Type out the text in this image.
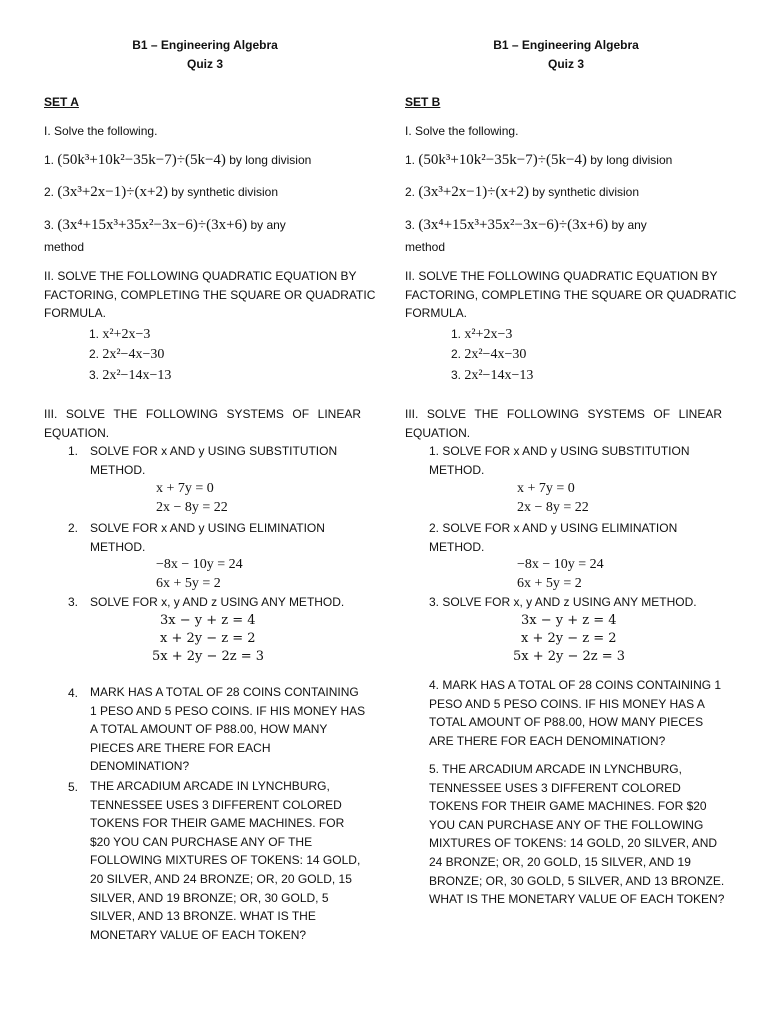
B1 – Engineering Algebra
Quiz 3
SET A
I. Solve the following.
1. (50k³+10k²−35k−7)÷(5k−4) by long division
2. (3x³+2x−1)÷(x+2) by synthetic division
3. (3x⁴+15x³+35x²−3x−6)÷(3x+6) by any
method
II. SOLVE THE FOLLOWING QUADRATIC EQUATION BY
FACTORING, COMPLETING THE SQUARE OR QUADRATIC
FORMULA.
1. x²+2x−3
2. 2x²−4x−30
3. 2x²−14x−13
III. SOLVE THE FOLLOWING SYSTEMS OF LINEAR
EQUATION.
1. SOLVE FOR x AND y USING SUBSTITUTION
METHOD.
x + 7y = 0
2x − 8y = 22
2. SOLVE FOR x AND y USING ELIMINATION
METHOD.
−8x − 10y = 24
6x + 5y = 2
3. SOLVE FOR x, y AND z USING ANY METHOD.
3x − y + z = 4
x + 2y − z = 2
5x + 2y − 2z = 3
4. MARK HAS A TOTAL OF 28 COINS CONTAINING 1 PESO AND 5 PESO COINS. IF HIS MONEY HAS A TOTAL AMOUNT OF P88.00, HOW MANY PIECES ARE THERE FOR EACH DENOMINATION?
5. THE ARCADIUM ARCADE IN LYNCHBURG, TENNESSEE USES 3 DIFFERENT COLORED TOKENS FOR THEIR GAME MACHINES. FOR $20 YOU CAN PURCHASE ANY OF THE FOLLOWING MIXTURES OF TOKENS: 14 GOLD, 20 SILVER, AND 24 BRONZE; OR, 20 GOLD, 15 SILVER, AND 19 BRONZE; OR, 30 GOLD, 5 SILVER, AND 13 BRONZE. WHAT IS THE MONETARY VALUE OF EACH TOKEN?
B1 – Engineering Algebra
Quiz 3
SET B
I. Solve the following.
1. (50k³+10k²−35k−7)÷(5k−4) by long division
2. (3x³+2x−1)÷(x+2) by synthetic division
3. (3x⁴+15x³+35x²−3x−6)÷(3x+6) by any
method
II. SOLVE THE FOLLOWING QUADRATIC EQUATION BY
FACTORING, COMPLETING THE SQUARE OR QUADRATIC
FORMULA.
1. x²+2x−3
2. 2x²−4x−30
3. 2x²−14x−13
III. SOLVE THE FOLLOWING SYSTEMS OF LINEAR
EQUATION.
1. SOLVE FOR x AND y USING SUBSTITUTION
METHOD.
x + 7y = 0
2x − 8y = 22
2. SOLVE FOR x AND y USING ELIMINATION
METHOD.
−8x − 10y = 24
6x + 5y = 2
3. SOLVE FOR x, y AND z USING ANY METHOD.
3x − y + z = 4
x + 2y − z = 2
5x + 2y − 2z = 3
4. MARK HAS A TOTAL OF 28 COINS CONTAINING 1 PESO AND 5 PESO COINS. IF HIS MONEY HAS A TOTAL AMOUNT OF P88.00, HOW MANY PIECES ARE THERE FOR EACH DENOMINATION?
5. THE ARCADIUM ARCADE IN LYNCHBURG, TENNESSEE USES 3 DIFFERENT COLORED TOKENS FOR THEIR GAME MACHINES. FOR $20 YOU CAN PURCHASE ANY OF THE FOLLOWING MIXTURES OF TOKENS: 14 GOLD, 20 SILVER, AND 24 BRONZE; OR, 20 GOLD, 15 SILVER, AND 19 BRONZE; OR, 30 GOLD, 5 SILVER, AND 13 BRONZE. WHAT IS THE MONETARY VALUE OF EACH TOKEN?
